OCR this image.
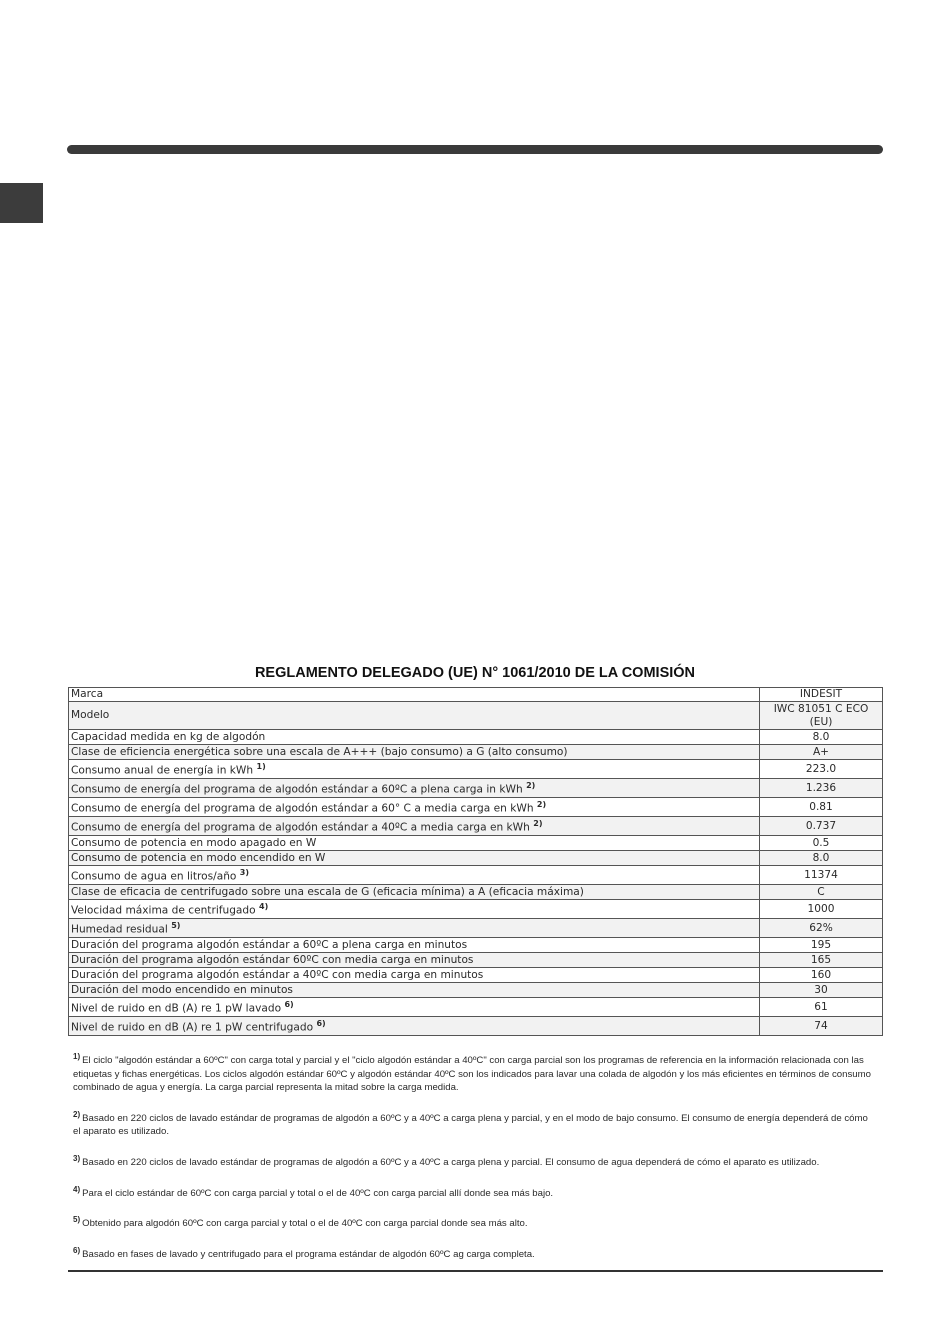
REGLAMENTO DELEGADO (UE) N° 1061/2010 DE LA COMISIÓN
Marca	INDESIT
Modelo	IWC 81051 C ECO (EU)
Capacidad medida en kg de algodón	8.0
Clase de eficiencia energética sobre una escala de A+++ (bajo consumo) a G (alto consumo)	A+
Consumo anual de energía in kWh $^{1)}$	223.0
Consumo de energía del programa de algodón estándar a 60ºC a plena carga in kWh $^{2)}$	1.236
Consumo de energía del programa de algodón estándar a 60° C a media carga en kWh $^{2)}$	0.81
Consumo de energía del programa de algodón estándar a 40ºC a media carga en kWh $^{2)}$	0.737
Consumo de potencia en modo apagado en W	0.5
Consumo de potencia en modo encendido en W	8.0
Consumo de agua en litros/año $^{3)}$	11374
Clase de eficacia de centrifugado sobre una escala de G (eficacia mínima) a A (eficacia máxima)	C
Velocidad máxima de centrifugado $^{4)}$	1000
Humedad residual $^{5)}$	62%
Duración del programa algodón estándar a 60ºC a plena carga en minutos	195
Duración del programa algodón estándar 60ºC con media carga en minutos	165
Duración del programa algodón estándar a 40ºC con media carga en minutos	160
Duración del modo encendido en minutos	30
Nivel de ruido en dB (A) re 1 pW lavado $^{6)}$	61
Nivel de ruido en dB (A) re 1 pW centrifugado $^{6)}$	74
$^{1)}$ El ciclo "algodón estándar a 60ºC" con carga total y parcial y el "ciclo algodón estándar a 40ºC" con carga parcial son los programas de referencia en la información relacionada con las etiquetas y fichas energéticas. Los ciclos algodón estándar 60ºC y algodón estándar 40ºC son los indicados para lavar una colada de algodón y los más eficientes en términos de consumo combinado de agua y energía. La carga parcial representa la mitad sobre la carga medida.
$^{2)}$ Basado en 220 ciclos de lavado estándar de programas de algodón a 60ºC y a 40ºC a carga plena y parcial, y en el modo de bajo consumo. El consumo de energía dependerá de cómo el aparato es utilizado.
$^{3)}$ Basado en 220 ciclos de lavado estándar de programas de algodón a 60ºC y a 40ºC a carga plena y parcial. El consumo de agua dependerá de cómo el aparato es utilizado.
$^{4)}$ Para el ciclo estándar de 60ºC con carga parcial y total o el de 40ºC con carga parcial allí donde sea más bajo.
$^{5)}$ Obtenido para algodón 60ºC con carga parcial y total o el de 40ºC con carga parcial donde sea más alto.
$^{6)}$ Basado en fases de lavado y centrifugado para el programa estándar de algodón 60ºC ag carga completa.
